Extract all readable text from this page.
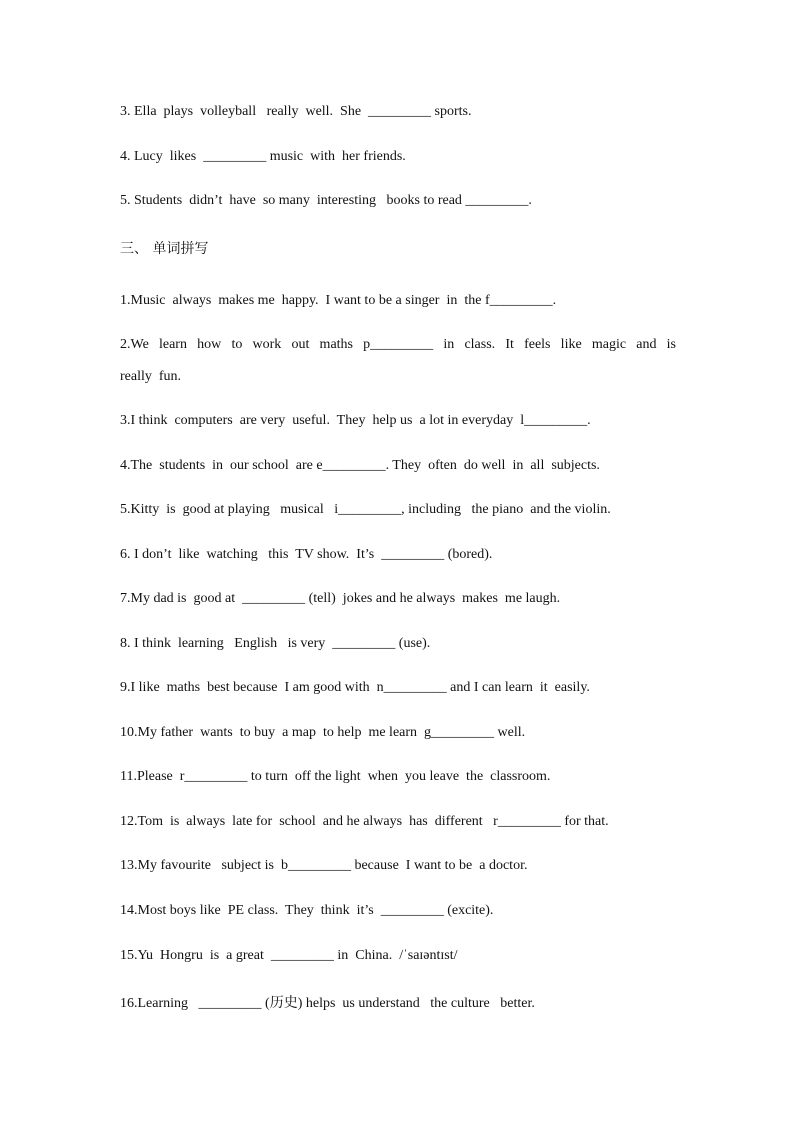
3. Ella  plays  volleyball   really  well.  She  _________ sports.
4. Lucy  likes  _________ music  with  her friends.
5. Students  didn’t  have  so many  interesting   books to read _________.
三、 单词拼写
1.Music  always  makes me  happy.  I want to be a singer  in  the f_________.
2.We learn how to work out maths p_________ in class. It feels like magic and is
really  fun.
3.I think  computers  are very  useful.  They  help us  a lot in everyday  l_________.
4.The  students  in  our school  are e_________. They  often  do well  in  all  subjects.
5.Kitty  is  good at playing   musical   i_________, including   the piano  and the violin.
6. I don’t  like  watching   this  TV show.  It’s  _________ (bored).
7.My dad is  good at  _________ (tell)  jokes and he always  makes  me laugh.
8. I think  learning   English   is very  _________ (use).
9.I like  maths  best because  I am good with  n_________ and I can learn  it  easily.
10.My father  wants  to buy  a map  to help  me learn  g_________ well.
11.Please  r_________ to turn  off the light  when  you leave  the  classroom.
12.Tom  is  always  late for  school  and he always  has  different   r_________ for that.
13.My favourite   subject is  b_________ because  I want to be  a doctor.
14.Most boys like  PE class.  They  think  it’s  _________ (excite).
15.Yu  Hongru  is  a great  _________ in  China.  /ˈsaɪəntɪst/
16.Learning   _________ (历史) helps  us understand   the culture   better.
